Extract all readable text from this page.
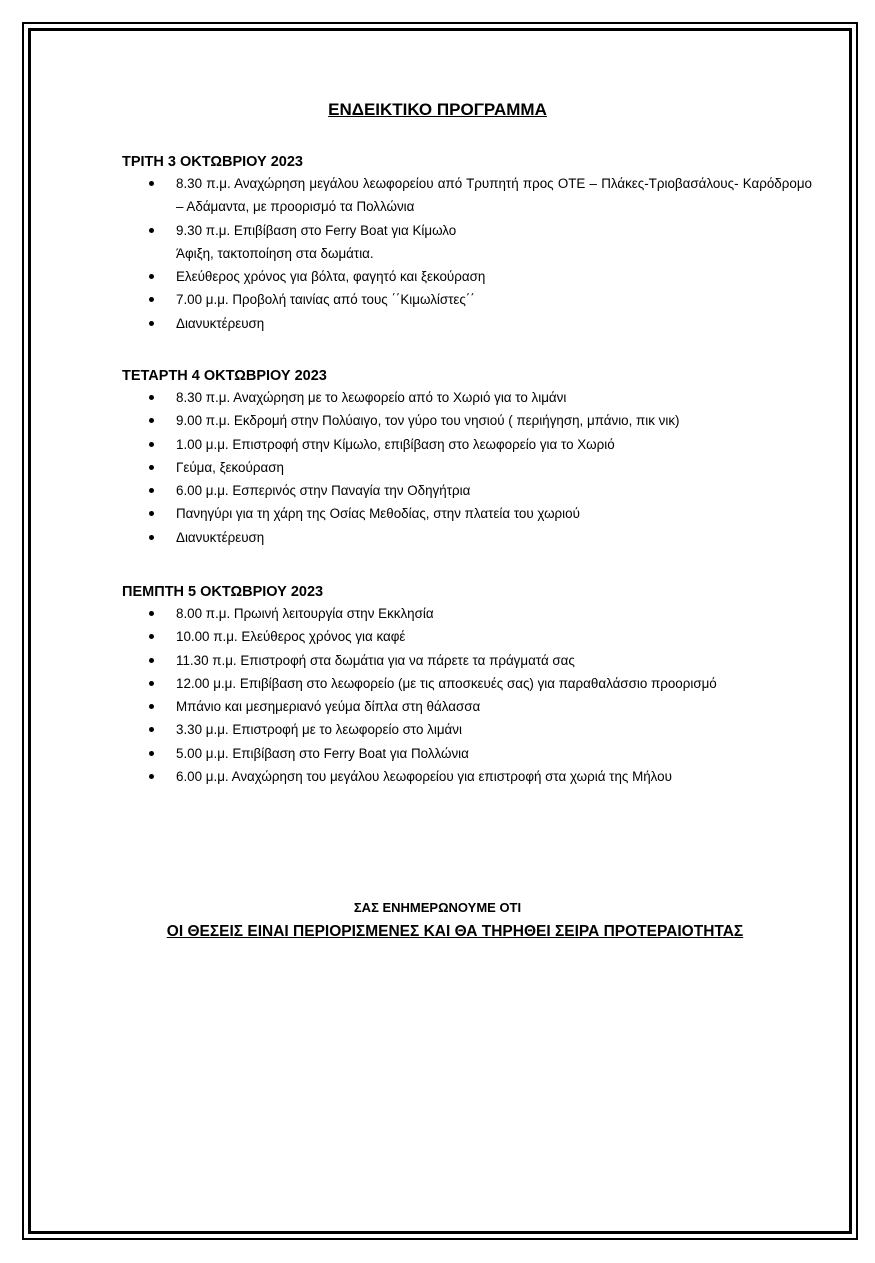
ΕΝΔΕΙΚΤΙΚΟ ΠΡΟΓΡΑΜΜΑ
ΤΡΙΤΗ 3 ΟΚΤΩΒΡΙΟΥ 2023
8.30 π.μ. Αναχώρηση μεγάλου λεωφορείου από Τρυπητή προς ΟΤΕ – Πλάκες-Τριοβασάλους- Καρόδρομο – Αδάμαντα, με προορισμό τα Πολλώνια
9.30 π.μ. Επιβίβαση στο Ferry Boat για Κίμωλο
Άφιξη, τακτοποίηση στα δωμάτια.
Ελεύθερος χρόνος για βόλτα, φαγητό και ξεκούραση
7.00 μ.μ. Προβολή ταινίας από τους ΄΄Κιμωλίστες΄΄
Διανυκτέρευση
ΤΕΤΑΡΤΗ 4 ΟΚΤΩΒΡΙΟΥ 2023
8.30 π.μ. Αναχώρηση με το λεωφορείο από το Χωριό για το λιμάνι
9.00 π.μ. Εκδρομή στην Πολύαιγο, τον γύρο του νησιού ( περιήγηση, μπάνιο, πικ νικ)
1.00 μ.μ. Επιστροφή στην Κίμωλο, επιβίβαση στο λεωφορείο για το Χωριό
Γεύμα, ξεκούραση
6.00 μ.μ. Εσπερινός στην Παναγία την Οδηγήτρια
Πανηγύρι για τη χάρη της Οσίας Μεθοδίας, στην πλατεία του χωριού
Διανυκτέρευση
ΠΕΜΠΤΗ 5 ΟΚΤΩΒΡΙΟΥ 2023
8.00 π.μ. Πρωινή λειτουργία στην Εκκλησία
10.00 π.μ. Ελεύθερος χρόνος για καφέ
11.30 π.μ. Επιστροφή στα δωμάτια για να πάρετε τα πράγματά σας
12.00 μ.μ. Επιβίβαση στο λεωφορείο (με τις αποσκευές σας) για παραθαλάσσιο προορισμό
Μπάνιο και μεσημεριανό γεύμα δίπλα στη θάλασσα
3.30 μ.μ. Επιστροφή με το λεωφορείο στο λιμάνι
5.00 μ.μ. Επιβίβαση στο Ferry Boat για Πολλώνια
6.00 μ.μ. Αναχώρηση του μεγάλου λεωφορείου για επιστροφή στα χωριά της Μήλου

ΣΑΣ ΕΝΗΜΕΡΩΝΟΥΜΕ ΟΤΙ

ΟΙ ΘΕΣΕΙΣ ΕΙΝΑΙ ΠΕΡΙΟΡΙΣΜΕΝΕΣ ΚΑΙ ΘΑ ΤΗΡΗΘΕΙ ΣΕΙΡΑ ΠΡΟΤΕΡΑΙΟΤΗΤΑΣ
